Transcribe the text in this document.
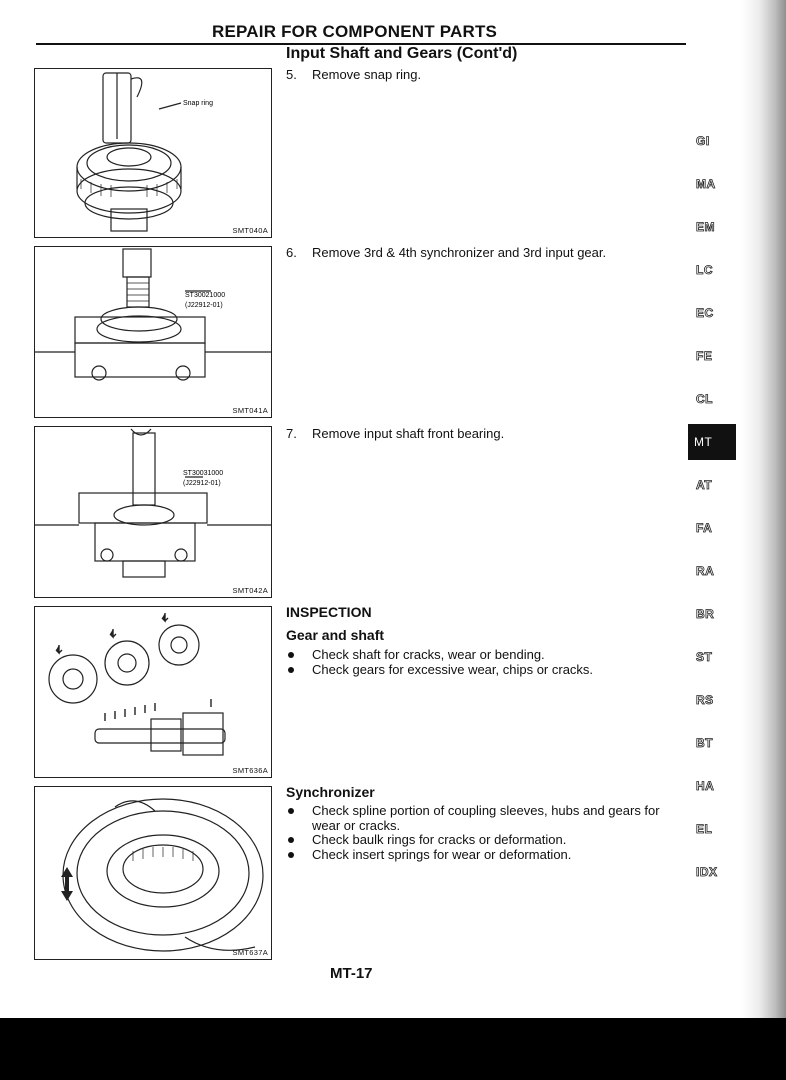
REPAIR FOR COMPONENT PARTS
Input Shaft and Gears (Cont'd)
Snap ring
SMT040A
ST30021000
(J22912-01)
SMT041A
ST30031000
(J22912-01)
SMT042A
SMT636A
SMT637A
5. Remove snap ring.
6. Remove 3rd & 4th synchronizer and 3rd input gear.
7. Remove input shaft front bearing.
INSPECTION
Gear and shaft

Check shaft for cracks, wear or bending.

Check gears for excessive wear, chips or cracks.

Synchronizer

Check spline portion of coupling sleeves, hubs and gears for wear or cracks.

Check baulk rings for cracks or deformation.

Check insert springs for wear or deformation.

GI
MA
EM
LC
EC
FE
CL
MT
AT
FA
RA
BR
ST
RS
BT
HA
EL
IDX
MT-17
